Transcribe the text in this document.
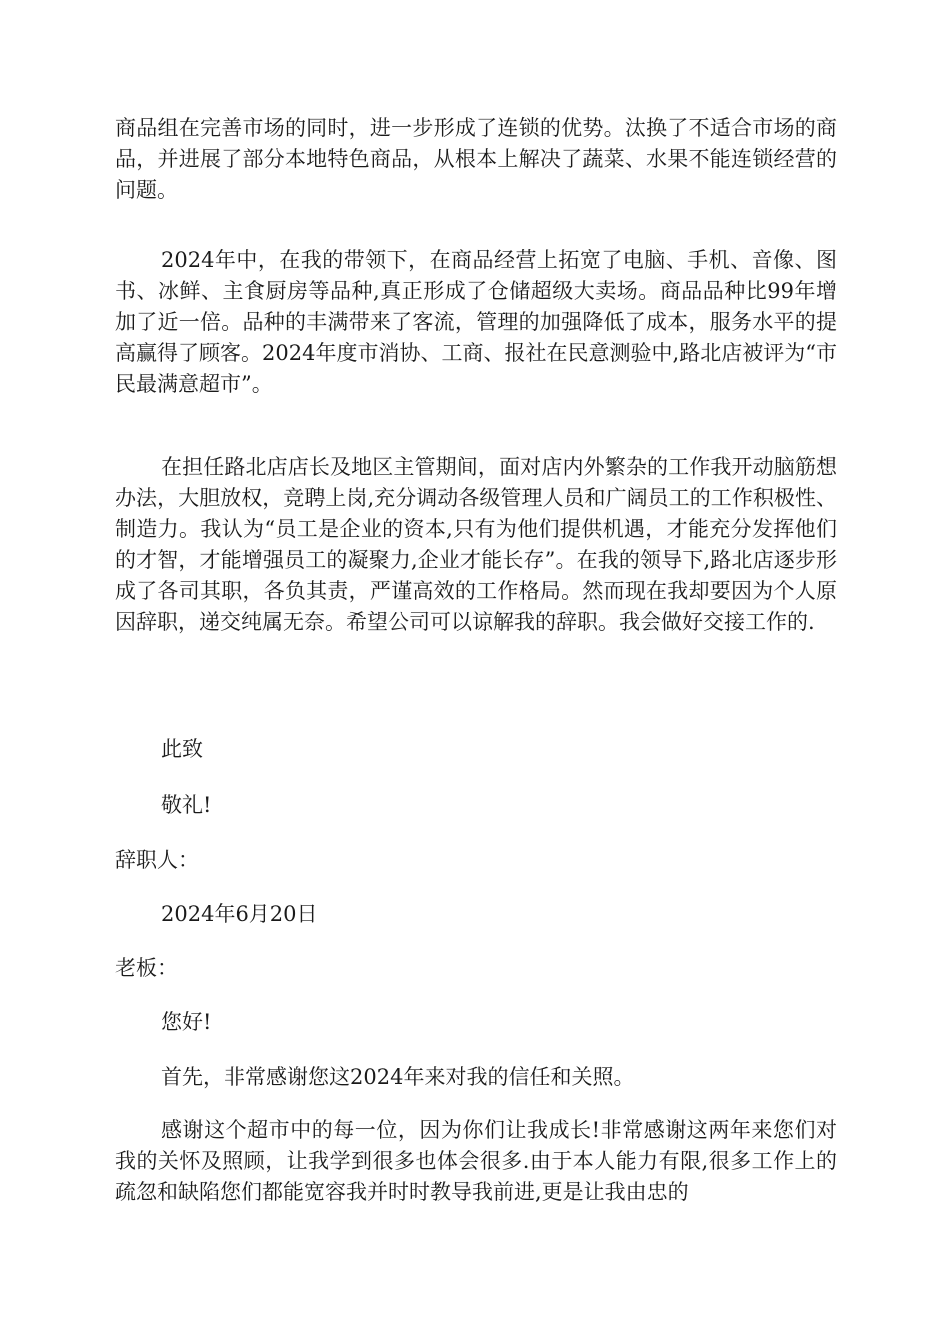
商品组在完善市场的同时，进一步形成了连锁的优势。汰换了不适合市场的商品，并进展了部分本地特色商品，从根本上解决了蔬菜、水果不能连锁经营的问题。

2024年中，在我的带领下，在商品经营上拓宽了电脑、手机、音像、图书、冰鲜、主食厨房等品种,真正形成了仓储超级大卖场。商品品种比99年增加了近一倍。品种的丰满带来了客流，管理的加强降低了成本，服务水平的提高赢得了顾客。2024年度市消协、工商、报社在民意测验中,路北店被评为“市民最满意超市”。

在担任路北店店长及地区主管期间，面对店内外繁杂的工作我开动脑筋想办法，大胆放权，竞聘上岗,充分调动各级管理人员和广阔员工的工作积极性、制造力。我认为“员工是企业的资本,只有为他们提供机遇，才能充分发挥他们的才智，才能增强员工的凝聚力,企业才能长存”。在我的领导下,路北店逐步形成了各司其职，各负其责，严谨高效的工作格局。然而现在我却要因为个人原因辞职，递交纯属无奈。希望公司可以谅解我的辞职。我会做好交接工作的.

此致

敬礼!

辞职人：

2024年6月20日

老板：

您好!

首先，非常感谢您这2024年来对我的信任和关照。

感谢这个超市中的每一位，因为你们让我成长!非常感谢这两年来您们对我的关怀及照顾，让我学到很多也体会很多.由于本人能力有限,很多工作上的疏忽和缺陷您们都能宽容我并时时教导我前进,更是让我由忠的
